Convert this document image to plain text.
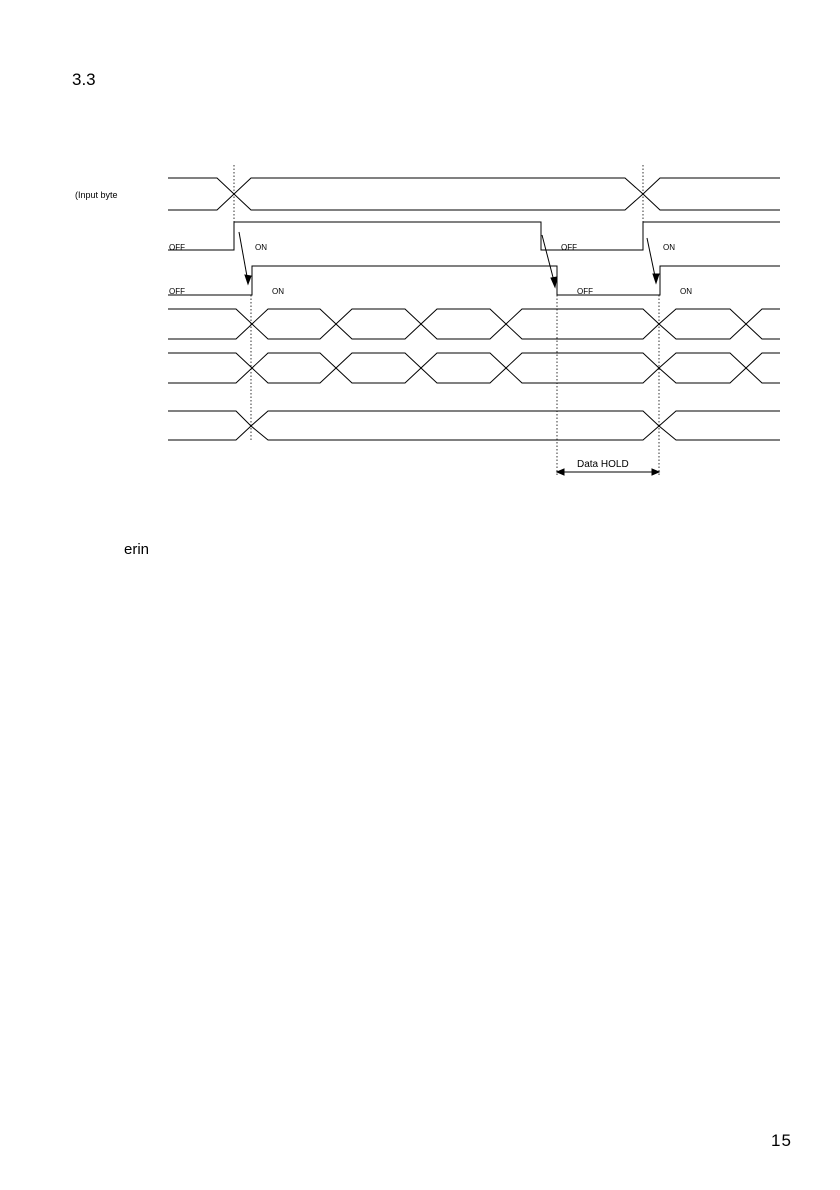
3.3
(Input byte
OFF	ON	OFF	ON
OFF	ON	OFF	ON
Data HOLD
erin
15
